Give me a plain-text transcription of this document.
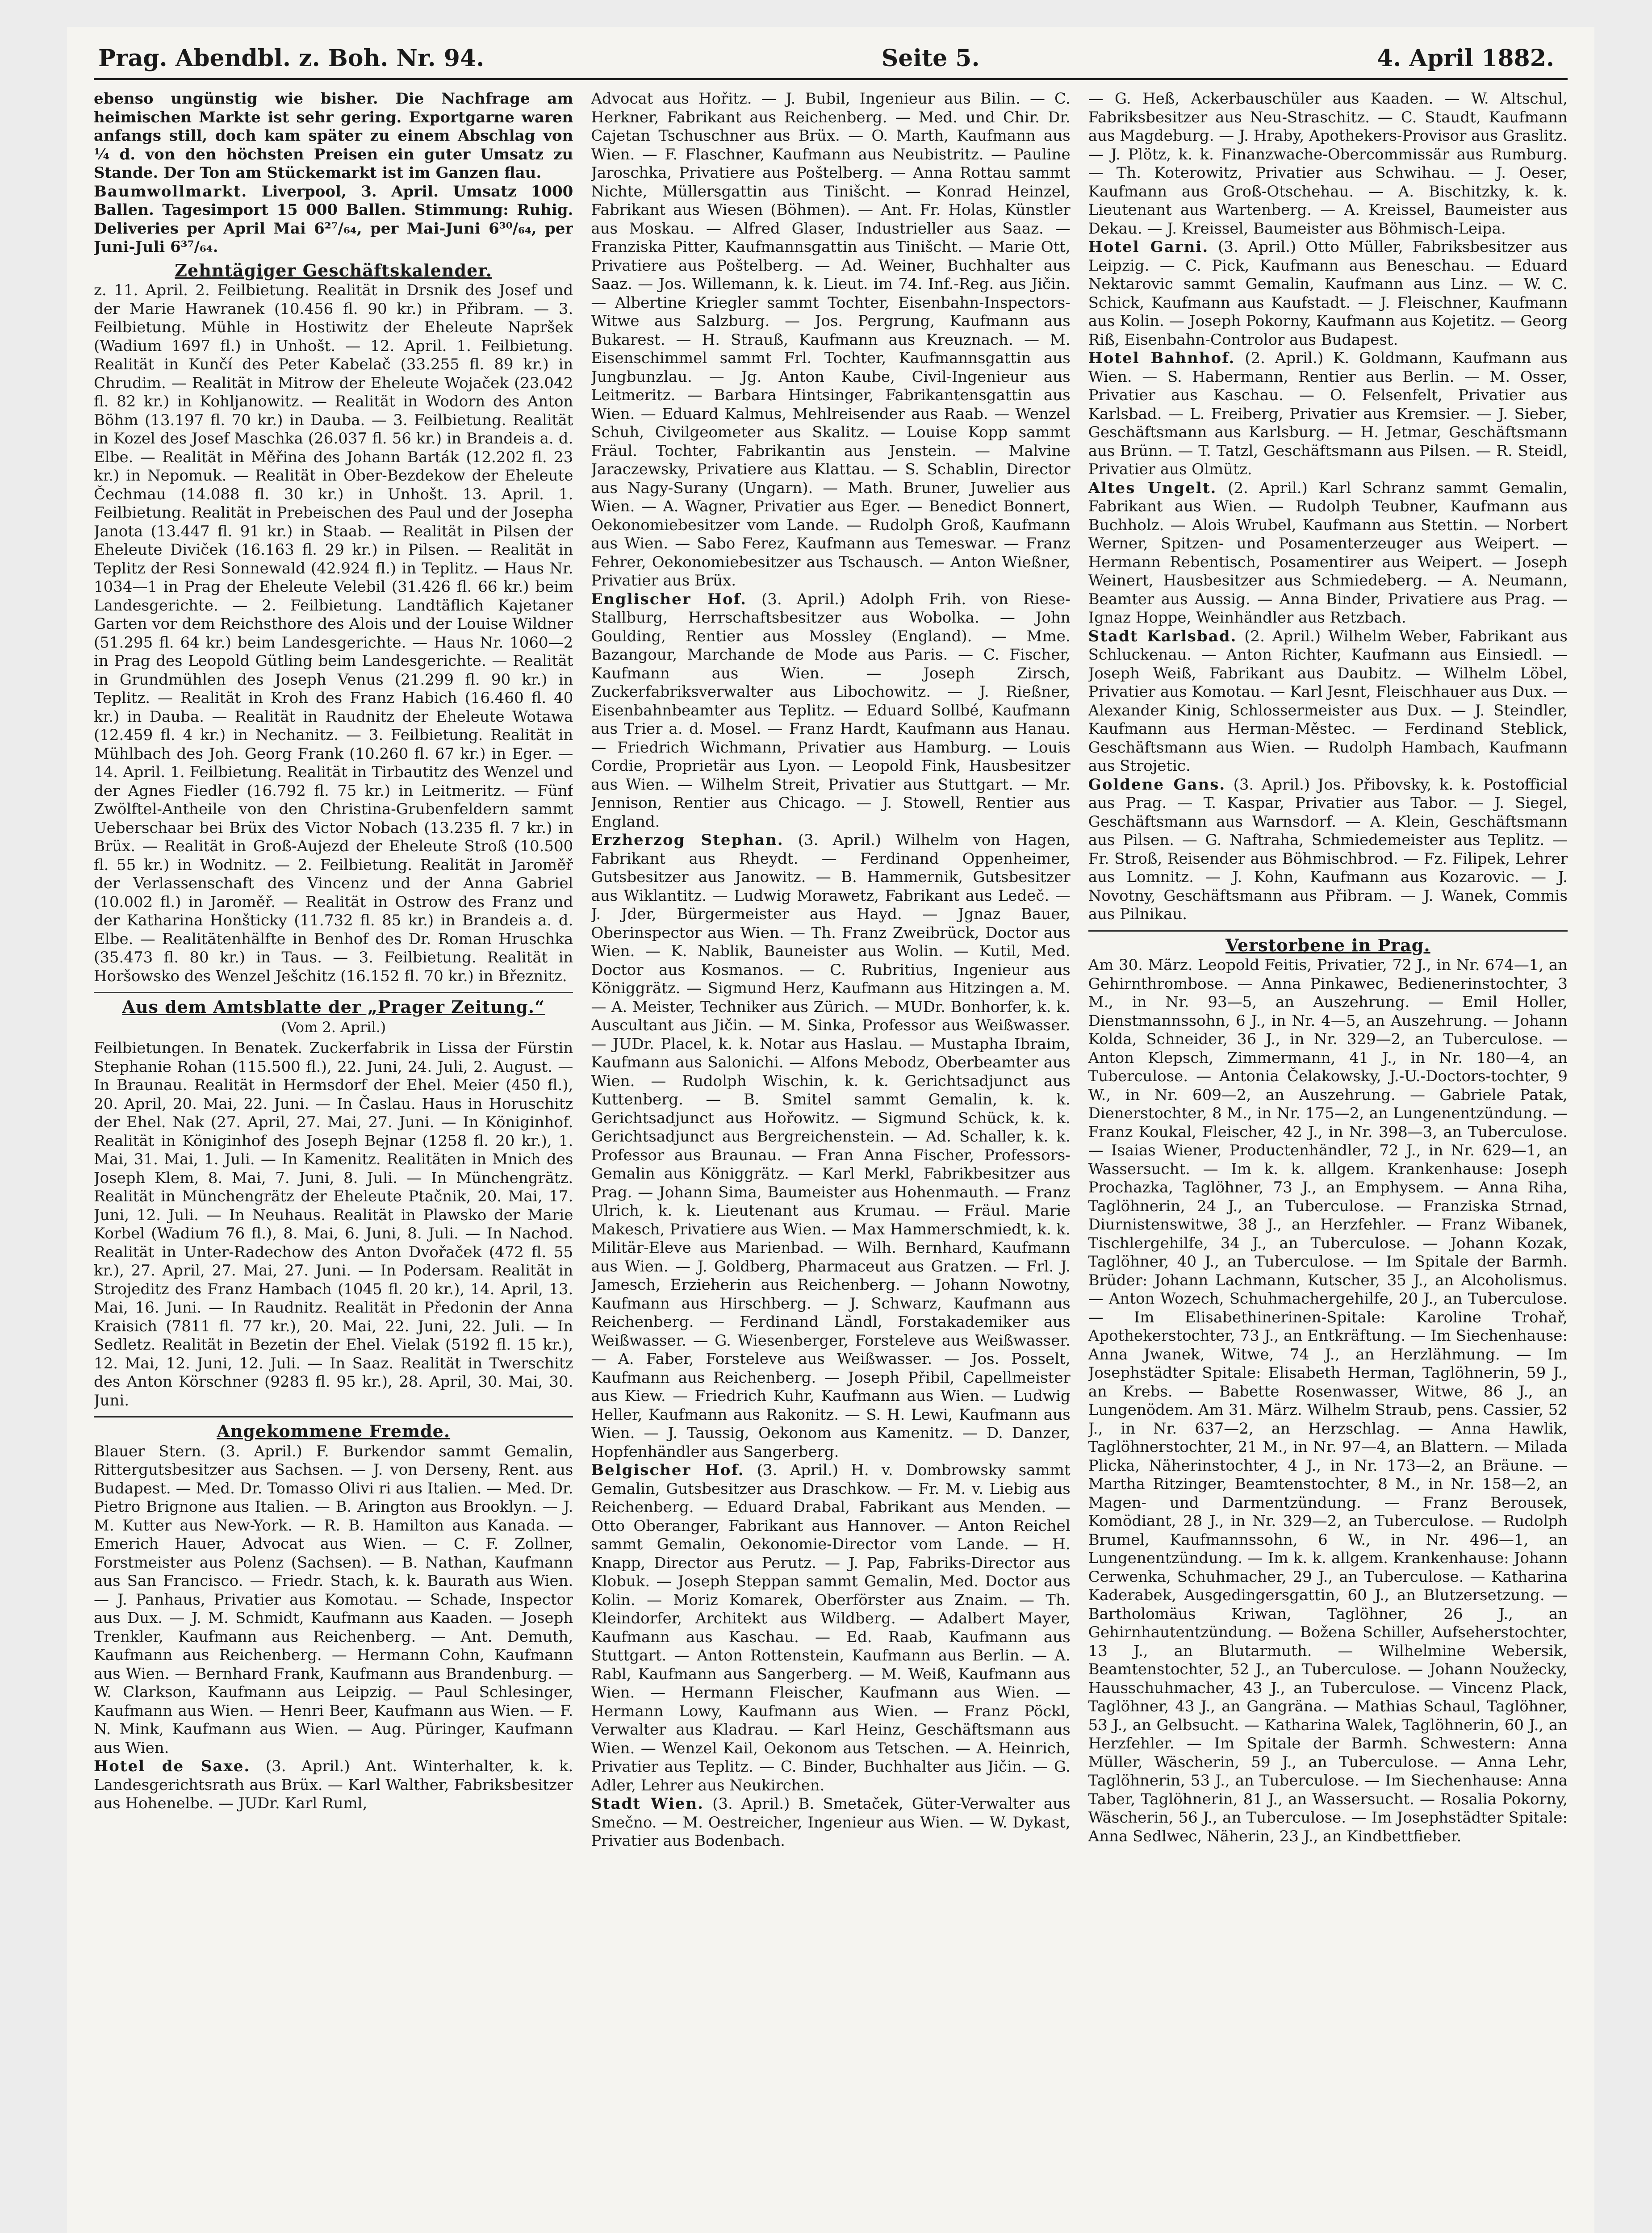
Prag. Abendbl. z. Boh. Nr. 94.	Seite 5.	4. April 1882.

ebenso ungünstig wie bisher. Die Nachfrage am heimischen Markte ist sehr gering. Exportgarne waren anfangs still, doch kam später zu einem Abschlag von ¼ d. von den höchsten Preisen ein guter Umsatz zu Stande. Der Ton am Stückemarkt ist im Ganzen flau.

Baumwollmarkt. Liverpool, 3. April. Umsatz 1000 Ballen. Tagesimport 15 000 Ballen. Stimmung: Ruhig. Deliveries per April Mai 6²⁷/₆₄, per Mai-Juni 6³⁰/₆₄, per Juni-Juli 6³⁷/₆₄.

Zehntägiger Geschäftskalender.

z. 11. April. 2. Feilbietung. Realität in Drsnik des Josef und der Marie Hawranek (10.456 fl. 90 kr.) in Přibram. — 3. Feilbietung. Mühle in Hostiwitz der Eheleute Napršek (Wadium 1697 fl.) in Unhošt. — 12. April. 1. Feilbietung. Realität in Kunčí des Peter Kabelač (33.255 fl. 89 kr.) in Chrudim. — Realität in Mitrow der Eheleute Wojaček (23.042 fl. 82 kr.) in Kohljanowitz. — Realität in Wodorn des Anton Böhm (13.197 fl. 70 kr.) in Dauba. — 3. Feilbietung. Realität in Kozel des Josef Maschka (26.037 fl. 56 kr.) in Brandeis a. d. Elbe. — Realität in Měřina des Johann Barták (12.202 fl. 23 kr.) in Nepomuk. — Realität in Ober-Bezdekow der Eheleute Čechmau (14.088 fl. 30 kr.) in Unhošt. 13. April. 1. Feilbietung. Realität in Prebeischen des Paul und der Josepha Janota (13.447 fl. 91 kr.) in Staab. — Realität in Pilsen der Eheleute Diviček (16.163 fl. 29 kr.) in Pilsen. — Realität in Teplitz der Resi Sonnewald (42.924 fl.) in Teplitz. — Haus Nr. 1034—1 in Prag der Eheleute Velebil (31.426 fl. 66 kr.) beim Landesgerichte. — 2. Feilbietung. Landtäflich Kajetaner Garten vor dem Reichsthore des Alois und der Louise Wildner (51.295 fl. 64 kr.) beim Landesgerichte. — Haus Nr. 1060—2 in Prag des Leopold Gütling beim Landesgerichte. — Realität in Grundmühlen des Joseph Venus (21.299 fl. 90 kr.) in Teplitz. — Realität in Kroh des Franz Habich (16.460 fl. 40 kr.) in Dauba. — Realität in Raudnitz der Eheleute Wotawa (12.459 fl. 4 kr.) in Nechanitz. — 3. Feilbietung. Realität in Mühlbach des Joh. Georg Frank (10.260 fl. 67 kr.) in Eger. — 14. April. 1. Feilbietung. Realität in Tirbautitz des Wenzel und der Agnes Fiedler (16.792 fl. 75 kr.) in Leitmeritz. — Fünf Zwölftel-Antheile von den Christina-Grubenfeldern sammt Ueberschaar bei Brüx des Victor Nobach (13.235 fl. 7 kr.) in Brüx. — Realität in Groß-Aujezd der Eheleute Stroß (10.500 fl. 55 kr.) in Wodnitz. — 2. Feilbietung. Realität in Jaroměř der Verlassenschaft des Vincenz und der Anna Gabriel (10.002 fl.) in Jaroměř. — Realität in Ostrow des Franz und der Katharina Honšticky (11.732 fl. 85 kr.) in Brandeis a. d. Elbe. — Realitätenhälfte in Benhof des Dr. Roman Hruschka (35.473 fl. 80 kr.) in Taus. — 3. Feilbietung. Realität in Horšowsko des Wenzel Ješchitz (16.152 fl. 70 kr.) in Březnitz.

Aus dem Amtsblatte der „Prager Zeitung.“
(Vom 2. April.)

Feilbietungen. In Benatek. Zuckerfabrik in Lissa der Fürstin Stephanie Rohan (115.500 fl.), 22. Juni, 24. Juli, 2. August. — In Braunau. Realität in Hermsdorf der Ehel. Meier (450 fl.), 20. April, 20. Mai, 22. Juni. — In Časlau. Haus in Horuschitz der Ehel. Nak (27. April, 27. Mai, 27. Juni. — In Königinhof. Realität in Königinhof des Joseph Bejnar (1258 fl. 20 kr.), 1. Mai, 31. Mai, 1. Juli. — In Kamenitz. Realitäten in Mnich des Joseph Klem, 8. Mai, 7. Juni, 8. Juli. — In Münchengrätz. Realität in Münchengrätz der Eheleute Ptačnik, 20. Mai, 17. Juni, 12. Juli. — In Neuhaus. Realität in Plawsko der Marie Korbel (Wadium 76 fl.), 8. Mai, 6. Juni, 8. Juli. — In Nachod. Realität in Unter-Radechow des Anton Dvořaček (472 fl. 55 kr.), 27. April, 27. Mai, 27. Juni. — In Podersam. Realität in Strojeditz des Franz Hambach (1045 fl. 20 kr.), 14. April, 13. Mai, 16. Juni. — In Raudnitz. Realität in Předonin der Anna Kraisich (7811 fl. 77 kr.), 20. Mai, 22. Juni, 22. Juli. — In Sedletz. Realität in Bezetin der Ehel. Vielak (5192 fl. 15 kr.), 12. Mai, 12. Juni, 12. Juli. — In Saaz. Realität in Twerschitz des Anton Körschner (9283 fl. 95 kr.), 28. April, 30. Mai, 30. Juni.

Angekommene Fremde.

Blauer Stern. (3. April.) F. Burkendor sammt Gemalin, Rittergutsbesitzer aus Sachsen. — J. von Derseny, Rent. aus Budapest. — Med. Dr. Tomasso Olivi ri aus Italien. — Med. Dr. Pietro Brignone aus Italien. — B. Arington aus Brooklyn. — J. M. Kutter aus New-York. — R. B. Hamilton aus Kanada. — Emerich Hauer, Advocat aus Wien. — C. F. Zollner, Forstmeister aus Polenz (Sachsen). — B. Nathan, Kaufmann aus San Francisco. — Friedr. Stach, k. k. Baurath aus Wien. — J. Panhaus, Privatier aus Komotau. — Schade, Inspector aus Dux. — J. M. Schmidt, Kaufmann aus Kaaden. — Joseph Trenkler, Kaufmann aus Reichenberg. — Ant. Demuth, Kaufmann aus Reichenberg. — Hermann Cohn, Kaufmann aus Wien. — Bernhard Frank, Kaufmann aus Brandenburg. — W. Clarkson, Kaufmann aus Leipzig. — Paul Schlesinger, Kaufmann aus Wien. — Henri Beer, Kaufmann aus Wien. — F. N. Mink, Kaufmann aus Wien. — Aug. Püringer, Kaufmann aus Wien.

Hotel de Saxe. (3. April.) Ant. Winterhalter, k. k. Landesgerichtsrath aus Brüx. — Karl Walther, Fabriksbesitzer aus Hohenelbe. — JUDr. Karl Ruml,

Advocat aus Hořitz. — J. Bubil, Ingenieur aus Bilin. — C. Herkner, Fabrikant aus Reichenberg. — Med. und Chir. Dr. Cajetan Tschuschner aus Brüx. — O. Marth, Kaufmann aus Wien. — F. Flaschner, Kaufmann aus Neubistritz. — Pauline Jaroschka, Privatiere aus Poštelberg. — Anna Rottau sammt Nichte, Müllersgattin aus Tinišcht. — Konrad Heinzel, Fabrikant aus Wiesen (Böhmen). — Ant. Fr. Holas, Künstler aus Moskau. — Alfred Glaser, Industrieller aus Saaz. — Franziska Pitter, Kaufmannsgattin aus Tinišcht. — Marie Ott, Privatiere aus Poštelberg. — Ad. Weiner, Buchhalter aus Saaz. — Jos. Willemann, k. k. Lieut. im 74. Inf.-Reg. aus Jičin. — Albertine Kriegler sammt Tochter, Eisenbahn-Inspectors-Witwe aus Salzburg. — Jos. Pergrung, Kaufmann aus Bukarest. — H. Strauß, Kaufmann aus Kreuznach. — M. Eisenschimmel sammt Frl. Tochter, Kaufmannsgattin aus Jungbunzlau. — Jg. Anton Kaube, Civil-Ingenieur aus Leitmeritz. — Barbara Hintsinger, Fabrikantensgattin aus Wien. — Eduard Kalmus, Mehlreisender aus Raab. — Wenzel Schuh, Civilgeometer aus Skalitz. — Louise Kopp sammt Fräul. Tochter, Fabrikantin aus Jenstein. — Malvine Jaraczewsky, Privatiere aus Klattau. — S. Schablin, Director aus Nagy-Surany (Ungarn). — Math. Bruner, Juwelier aus Wien. — A. Wagner, Privatier aus Eger. — Benedict Bonnert, Oekonomiebesitzer vom Lande. — Rudolph Groß, Kaufmann aus Wien. — Sabo Ferez, Kaufmann aus Temeswar. — Franz Fehrer, Oekonomiebesitzer aus Tschausch. — Anton Wießner, Privatier aus Brüx.

Englischer Hof. (3. April.) Adolph Frih. von Riese-Stallburg, Herrschaftsbesitzer aus Wobolka. — John Goulding, Rentier aus Mossley (England). — Mme. Bazangour, Marchande de Mode aus Paris. — C. Fischer, Kaufmann aus Wien. — Joseph Zirsch, Zuckerfabriksverwalter aus Libochowitz. — J. Rießner, Eisenbahnbeamter aus Teplitz. — Eduard Sollbé, Kaufmann aus Trier a. d. Mosel. — Franz Hardt, Kaufmann aus Hanau. — Friedrich Wichmann, Privatier aus Hamburg. — Louis Cordie, Proprietär aus Lyon. — Leopold Fink, Hausbesitzer aus Wien. — Wilhelm Streit, Privatier aus Stuttgart. — Mr. Jennison, Rentier aus Chicago. — J. Stowell, Rentier aus England.

Erzherzog Stephan. (3. April.) Wilhelm von Hagen, Fabrikant aus Rheydt. — Ferdinand Oppenheimer, Gutsbesitzer aus Janowitz. — B. Hammernik, Gutsbesitzer aus Wiklantitz. — Ludwig Morawetz, Fabrikant aus Ledeč. — J. Jder, Bürgermeister aus Hayd. — Jgnaz Bauer, Oberinspector aus Wien. — Th. Franz Zweibrück, Doctor aus Wien. — K. Nablik, Bauneister aus Wolin. — Kutil, Med. Doctor aus Kosmanos. — C. Rubritius, Ingenieur aus Königgrätz. — Sigmund Herz, Kaufmann aus Hitzingen a. M. — A. Meister, Techniker aus Zürich. — MUDr. Bonhorfer, k. k. Auscultant aus Jičin. — M. Sinka, Professor aus Weißwasser. — JUDr. Placel, k. k. Notar aus Haslau. — Mustapha Ibraim, Kaufmann aus Salonichi. — Alfons Mebodz, Oberbeamter aus Wien. — Rudolph Wischin, k. k. Gerichtsadjunct aus Kuttenberg. — B. Smitel sammt Gemalin, k. k. Gerichtsadjunct aus Hořowitz. — Sigmund Schück, k. k. Gerichtsadjunct aus Bergreichenstein. — Ad. Schaller, k. k. Professor aus Braunau. — Fran Anna Fischer, Professors-Gemalin aus Königgrätz. — Karl Merkl, Fabrikbesitzer aus Prag. — Johann Sima, Baumeister aus Hohenmauth. — Franz Ulrich, k. k. Lieutenant aus Krumau. — Fräul. Marie Makesch, Privatiere aus Wien. — Max Hammerschmiedt, k. k. Militär-Eleve aus Marienbad. — Wilh. Bernhard, Kaufmann aus Wien. — J. Goldberg, Pharmaceut aus Gratzen. — Frl. J. Jamesch, Erzieherin aus Reichenberg. — Johann Nowotny, Kaufmann aus Hirschberg. — J. Schwarz, Kaufmann aus Reichenberg. — Ferdinand Ländl, Forstakademiker aus Weißwasser. — G. Wiesenberger, Forsteleve aus Weißwasser. — A. Faber, Forsteleve aus Weißwasser. — Jos. Posselt, Kaufmann aus Reichenberg. — Joseph Přibil, Capellmeister aus Kiew. — Friedrich Kuhr, Kaufmann aus Wien. — Ludwig Heller, Kaufmann aus Rakonitz. — S. H. Lewi, Kaufmann aus Wien. — J. Taussig, Oekonom aus Kamenitz. — D. Danzer, Hopfenhändler aus Sangerberg.

Belgischer Hof. (3. April.) H. v. Dombrowsky sammt Gemalin, Gutsbesitzer aus Draschkow. — Fr. M. v. Liebig aus Reichenberg. — Eduard Drabal, Fabrikant aus Menden. — Otto Oberanger, Fabrikant aus Hannover. — Anton Reichel sammt Gemalin, Oekonomie-Director vom Lande. — H. Knapp, Director aus Perutz. — J. Pap, Fabriks-Director aus Klobuk. — Joseph Steppan sammt Gemalin, Med. Doctor aus Kolin. — Moriz Komarek, Oberförster aus Znaim. — Th. Kleindorfer, Architekt aus Wildberg. — Adalbert Mayer, Kaufmann aus Kaschau. — Ed. Raab, Kaufmann aus Stuttgart. — Anton Rottenstein, Kaufmann aus Berlin. — A. Rabl, Kaufmann aus Sangerberg. — M. Weiß, Kaufmann aus Wien. — Hermann Fleischer, Kaufmann aus Wien. — Hermann Lowy, Kaufmann aus Wien. — Franz Pöckl, Verwalter aus Kladrau. — Karl Heinz, Geschäftsmann aus Wien. — Wenzel Kail, Oekonom aus Tetschen. — A. Heinrich, Privatier aus Teplitz. — C. Binder, Buchhalter aus Jičin. — G. Adler, Lehrer aus Neukirchen.

Stadt Wien. (3. April.) B. Smetaček, Güter-Verwalter aus Smečno. — M. Oestreicher, Ingenieur aus Wien. — W. Dykast, Privatier aus Bodenbach.

— G. Heß, Ackerbauschüler aus Kaaden. — W. Altschul, Fabriksbesitzer aus Neu-Straschitz. — C. Staudt, Kaufmann aus Magdeburg. — J. Hraby, Apothekers-Provisor aus Graslitz. — J. Plötz, k. k. Finanzwache-Obercommissär aus Rumburg. — Th. Koterowitz, Privatier aus Schwihau. — J. Oeser, Kaufmann aus Groß-Otschehau. — A. Bischitzky, k. k. Lieutenant aus Wartenberg. — A. Kreissel, Baumeister aus Dekau. — J. Kreissel, Baumeister aus Böhmisch-Leipa.

Hotel Garni. (3. April.) Otto Müller, Fabriksbesitzer aus Leipzig. — C. Pick, Kaufmann aus Beneschau. — Eduard Nektarovic sammt Gemalin, Kaufmann aus Linz. — W. C. Schick, Kaufmann aus Kaufstadt. — J. Fleischner, Kaufmann aus Kolin. — Joseph Pokorny, Kaufmann aus Kojetitz. — Georg Riß, Eisenbahn-Controlor aus Budapest.

Hotel Bahnhof. (2. April.) K. Goldmann, Kaufmann aus Wien. — S. Habermann, Rentier aus Berlin. — M. Osser, Privatier aus Kaschau. — O. Felsenfelt, Privatier aus Karlsbad. — L. Freiberg, Privatier aus Kremsier. — J. Sieber, Geschäftsmann aus Karlsburg. — H. Jetmar, Geschäftsmann aus Brünn. — T. Tatzl, Geschäftsmann aus Pilsen. — R. Steidl, Privatier aus Olmütz.

Altes Ungelt. (2. April.) Karl Schranz sammt Gemalin, Fabrikant aus Wien. — Rudolph Teubner, Kaufmann aus Buchholz. — Alois Wrubel, Kaufmann aus Stettin. — Norbert Werner, Spitzen- und Posamenterzeuger aus Weipert. — Hermann Rebentisch, Posamentirer aus Weipert. — Joseph Weinert, Hausbesitzer aus Schmiedeberg. — A. Neumann, Beamter aus Aussig. — Anna Binder, Privatiere aus Prag. — Ignaz Hoppe, Weinhändler aus Retzbach.

Stadt Karlsbad. (2. April.) Wilhelm Weber, Fabrikant aus Schluckenau. — Anton Richter, Kaufmann aus Einsiedl. — Joseph Weiß, Fabrikant aus Daubitz. — Wilhelm Löbel, Privatier aus Komotau. — Karl Jesnt, Fleischhauer aus Dux. — Alexander Kinig, Schlossermeister aus Dux. — J. Steindler, Kaufmann aus Herman-Městec. — Ferdinand Steblick, Geschäftsmann aus Wien. — Rudolph Hambach, Kaufmann aus Strojetic.

Goldene Gans. (3. April.) Jos. Přibovsky, k. k. Postofficial aus Prag. — T. Kaspar, Privatier aus Tabor. — J. Siegel, Geschäftsmann aus Warnsdorf. — A. Klein, Geschäftsmann aus Pilsen. — G. Naftraha, Schmiedemeister aus Teplitz. — Fr. Stroß, Reisender aus Böhmischbrod. — Fz. Filipek, Lehrer aus Lomnitz. — J. Kohn, Kaufmann aus Kozarovic. — J. Novotny, Geschäftsmann aus Přibram. — J. Wanek, Commis aus Pilnikau.

Verstorbene in Prag.

Am 30. März. Leopold Feitis, Privatier, 72 J., in Nr. 674—1, an Gehirnthrombose. — Anna Pinkawec, Bedienerinstochter, 3 M., in Nr. 93—5, an Auszehrung. — Emil Holler, Dienstmannssohn, 6 J., in Nr. 4—5, an Auszehrung. — Johann Kolda, Schneider, 36 J., in Nr. 329—2, an Tuberculose. — Anton Klepsch, Zimmermann, 41 J., in Nr. 180—4, an Tuberculose. — Antonia Čelakowsky, J.-U.-Doctors-tochter, 9 W., in Nr. 609—2, an Auszehrung. — Gabriele Patak, Dienerstochter, 8 M., in Nr. 175—2, an Lungenentzündung. — Franz Koukal, Fleischer, 42 J., in Nr. 398—3, an Tuberculose. — Isaias Wiener, Productenhändler, 72 J., in Nr. 629—1, an Wassersucht. — Im k. k. allgem. Krankenhause: Joseph Prochazka, Taglöhner, 73 J., an Emphysem. — Anna Riha, Taglöhnerin, 24 J., an Tuberculose. — Franziska Strnad, Diurnistenswitwe, 38 J., an Herzfehler. — Franz Wibanek, Tischlergehilfe, 34 J., an Tuberculose. — Johann Kozak, Taglöhner, 40 J., an Tuberculose. — Im Spitale der Barmh. Brüder: Johann Lachmann, Kutscher, 35 J., an Alcoholismus. — Anton Wozech, Schuhmachergehilfe, 20 J., an Tuberculose. — Im Elisabethinerinen-Spitale: Karoline Trohař, Apothekerstochter, 73 J., an Entkräftung. — Im Siechenhause: Anna Jwanek, Witwe, 74 J., an Herzlähmung. — Im Josephstädter Spitale: Elisabeth Herman, Taglöhnerin, 59 J., an Krebs. — Babette Rosenwasser, Witwe, 86 J., an Lungenödem. Am 31. März. Wilhelm Straub, pens. Cassier, 52 J., in Nr. 637—2, an Herzschlag. — Anna Hawlik, Taglöhnerstochter, 21 M., in Nr. 97—4, an Blattern. — Milada Plicka, Näherinstochter, 4 J., in Nr. 173—2, an Bräune. — Martha Ritzinger, Beamtenstochter, 8 M., in Nr. 158—2, an Magen- und Darmentzündung. — Franz Berousek, Komödiant, 28 J., in Nr. 329—2, an Tuberculose. — Rudolph Brumel, Kaufmannssohn, 6 W., in Nr. 496—1, an Lungenentzündung. — Im k. k. allgem. Krankenhause: Johann Cerwenka, Schuhmacher, 29 J., an Tuberculose. — Katharina Kaderabek, Ausgedingersgattin, 60 J., an Blutzersetzung. — Bartholomäus Kriwan, Taglöhner, 26 J., an Gehirnhautentzündung. — Božena Schiller, Aufseherstochter, 13 J., an Blutarmuth. — Wilhelmine Webersik, Beamtenstochter, 52 J., an Tuberculose. — Johann Noužecky, Hausschuhmacher, 43 J., an Tuberculose. — Vincenz Plack, Taglöhner, 43 J., an Gangräna. — Mathias Schaul, Taglöhner, 53 J., an Gelbsucht. — Katharina Walek, Taglöhnerin, 60 J., an Herzfehler. — Im Spitale der Barmh. Schwestern: Anna Müller, Wäscherin, 59 J., an Tuberculose. — Anna Lehr, Taglöhnerin, 53 J., an Tuberculose. — Im Siechenhause: Anna Taber, Taglöhnerin, 81 J., an Wassersucht. — Rosalia Pokorny, Wäscherin, 56 J., an Tuberculose. — Im Josephstädter Spitale: Anna Sedlwec, Näherin, 23 J., an Kindbettfieber.
